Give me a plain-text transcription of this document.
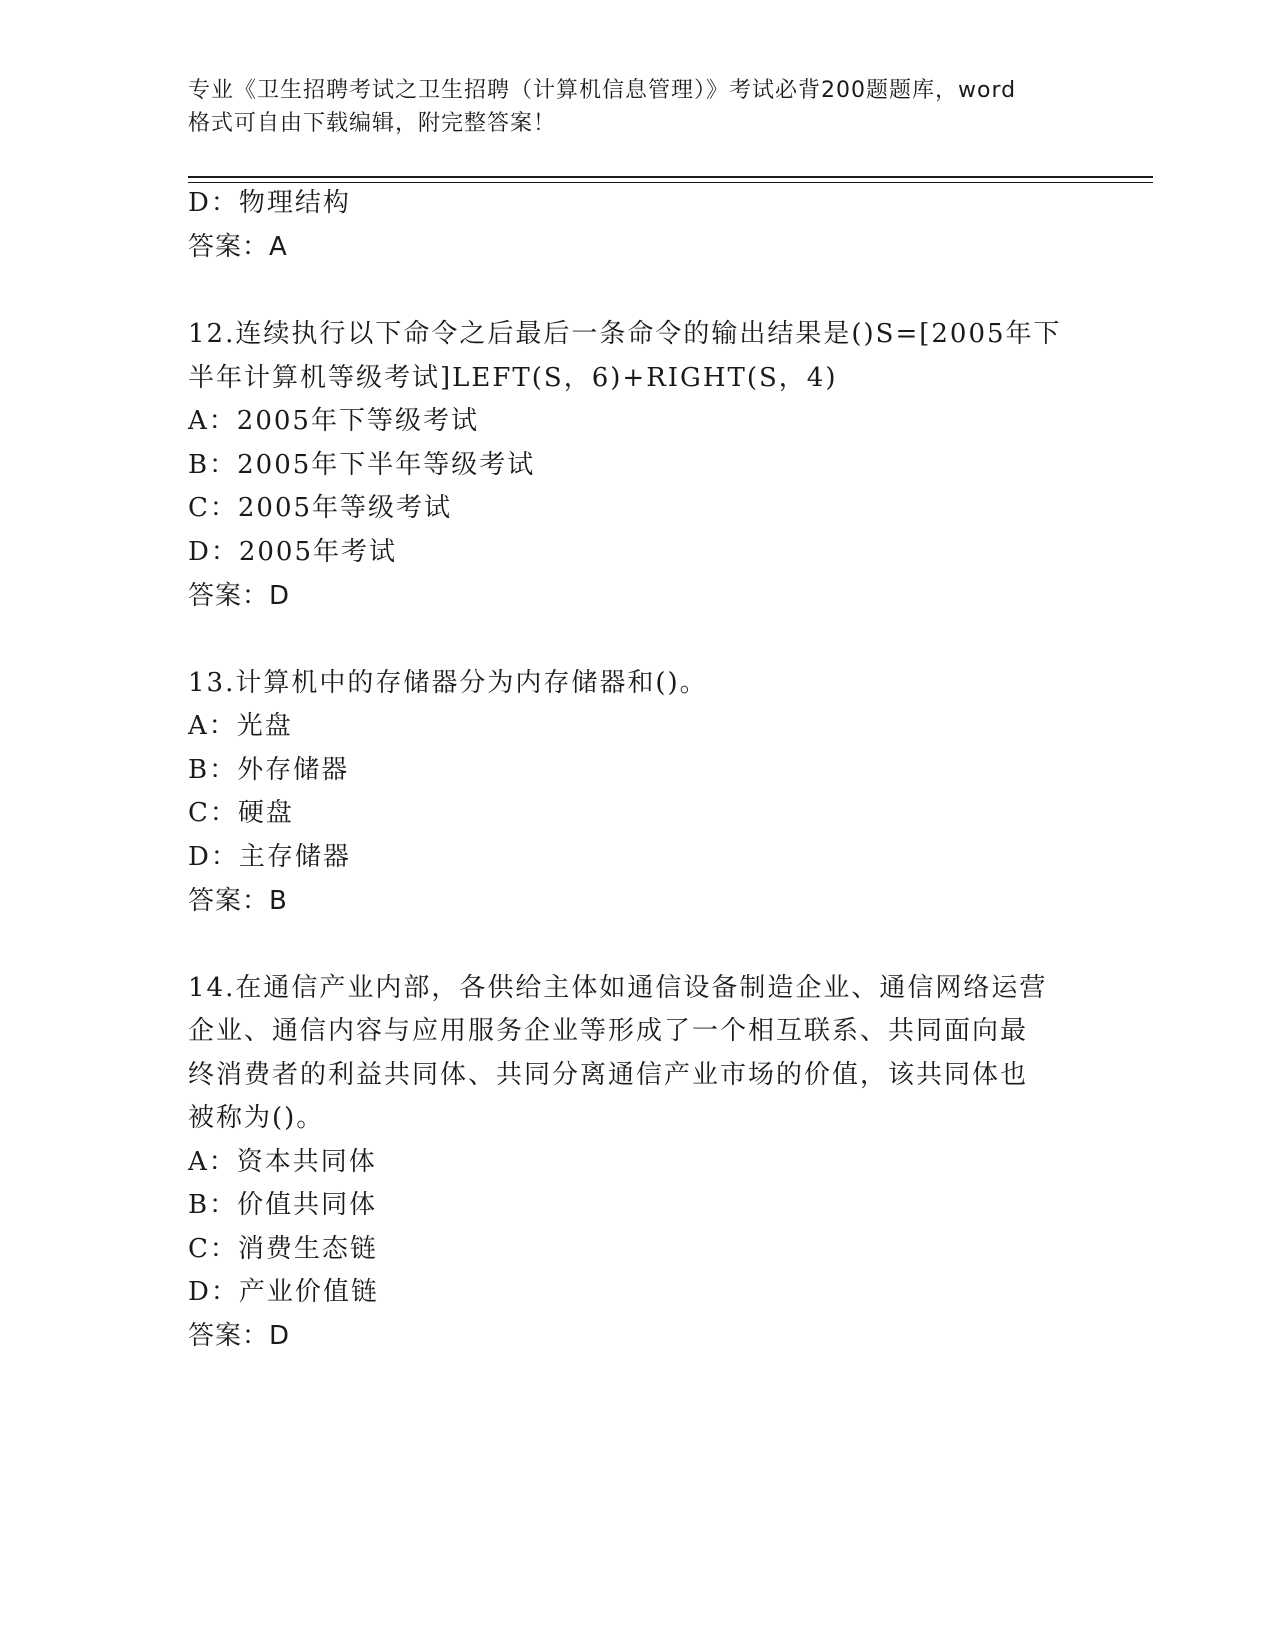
专业《卫生招聘考试之卫生招聘（计算机信息管理）》考试必背200题题库，word
格式可自由下载编辑，附完整答案！
D：物理结构
答案：A
12.连续执行以下命令之后最后一条命令的输出结果是()S=[2005年下
半年计算机等级考试]LEFT(S，6)+RIGHT(S，4)
A：2005年下等级考试
B：2005年下半年等级考试
C：2005年等级考试
D：2005年考试
答案：D
13.计算机中的存储器分为内存储器和()。
A：光盘
B：外存储器
C：硬盘
D：主存储器
答案：B
14.在通信产业内部，各供给主体如通信设备制造企业、通信网络运营
企业、通信内容与应用服务企业等形成了一个相互联系、共同面向最
终消费者的利益共同体、共同分离通信产业市场的价值，该共同体也
被称为()。
A：资本共同体
B：价值共同体
C：消费生态链
D：产业价值链
答案：D
